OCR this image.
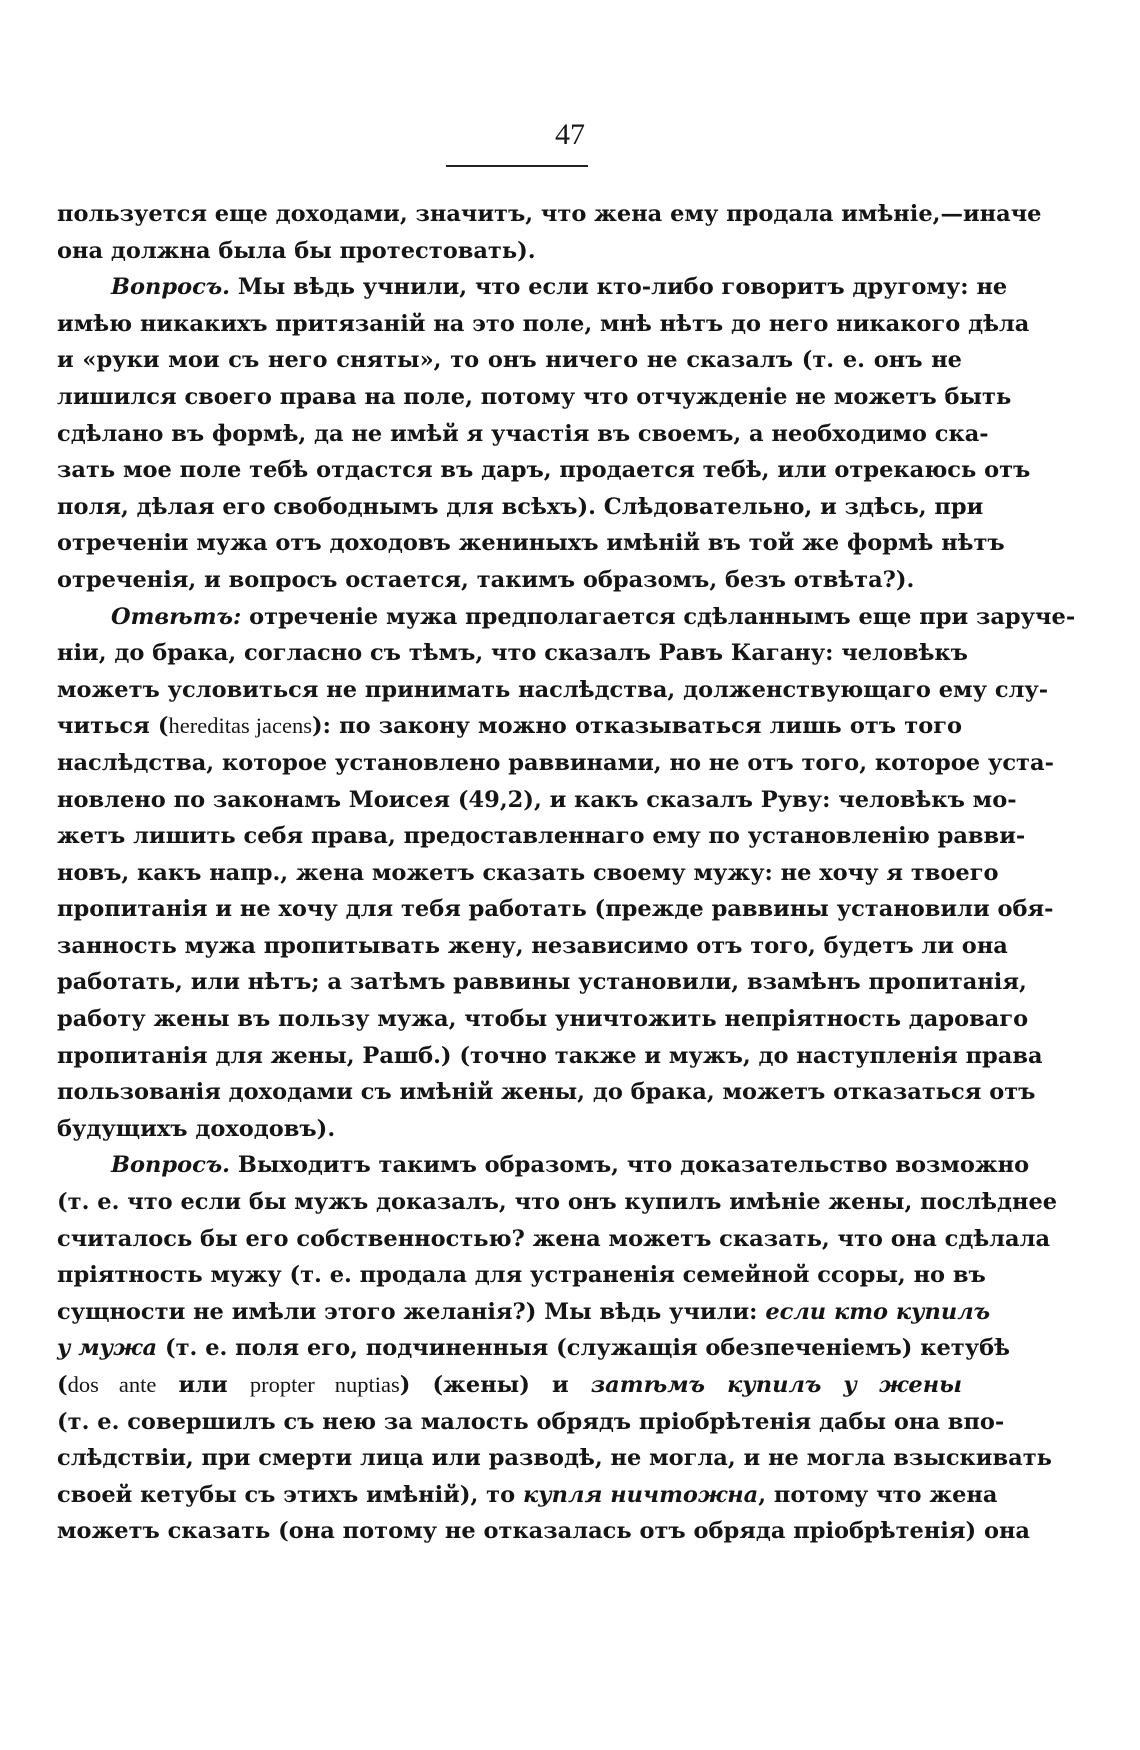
47
пользуется еще доходами, значитъ, что жена ему продала имѣніе,—иначе
она должна была бы протестовать).
Вопросъ. Мы вѣдь учнили, что если кто-либо говоритъ другому: не
имѣю никакихъ притязаній на это поле, мнѣ нѣтъ до него никакого дѣла
и «руки мои съ него сняты», то онъ ничего не сказалъ (т. е. онъ не
лишился своего права на поле, потому что отчужденіе не можетъ быть
сдѣлано въ формѣ, да не имѣй я участія въ своемъ, а необходимо ска-
зать мое поле тебѣ отдастся въ даръ, продается тебѣ, или отрекаюсь отъ
поля, дѣлая его свободнымъ для всѣхъ). Слѣдовательно, и здѣсь, при
отреченіи мужа отъ доходовъ жениныхъ имѣній въ той же формѣ нѣтъ
отреченія, и вопросъ остается, такимъ образомъ, безъ отвѣта?).
Отвѣтъ: отреченіе мужа предполагается сдѣланнымъ еще при заруче-
ніи, до брака, согласно съ тѣмъ, что сказалъ Равъ Кагану: человѣкъ
можетъ условиться не принимать наслѣдства, долженствующаго ему слу-
читься (hereditas jacens): по закону можно отказываться лишь отъ того
наслѣдства, которое установлено раввинами, но не отъ того, которое уста-
новлено по законамъ Моисея (49,2), и какъ сказалъ Руву: человѣкъ мо-
жетъ лишить себя права, предоставленнаго ему по установленію равви-
новъ, какъ напр., жена можетъ сказать своему мужу: не хочу я твоего
пропитанія и не хочу для тебя работать (прежде раввины установили обя-
занность мужа пропитывать жену, независимо отъ того, будетъ ли она
работать, или нѣтъ; а затѣмъ раввины установили, взамѣнъ пропитанія,
работу жены въ пользу мужа, чтобы уничтожить непріятность дароваго
пропитанія для жены, Рашб.) (точно также и мужъ, до наступленія права
пользованія доходами съ имѣній жены, до брака, можетъ отказаться отъ
будущихъ доходовъ).
Вопросъ. Выходитъ такимъ образомъ, что доказательство возможно
(т. е. что если бы мужъ доказалъ, что онъ купилъ имѣніе жены, послѣднее
считалось бы его собственностью? жена можетъ сказать, что она сдѣлала
пріятность мужу (т. е. продала для устраненія семейной ссоры, но въ
сущности не имѣли этого желанія?) Мы вѣдь учили: если кто купилъ
у мужа (т. е. поля его, подчиненныя (служащія обезпеченіемъ) кетубѣ
(dos ante или propter nuptias) (жены) и затѣмъ купилъ у жены
(т. е. совершилъ съ нею за малость обрядъ пріобрѣтенія дабы она впо-
слѣдствіи, при смерти лица или разводѣ, не могла, и не могла взыскивать
своей кетубы съ этихъ имѣній), то купля ничтожна, потому что жена
можетъ сказать (она потому не отказалась отъ обряда пріобрѣтенія) она
